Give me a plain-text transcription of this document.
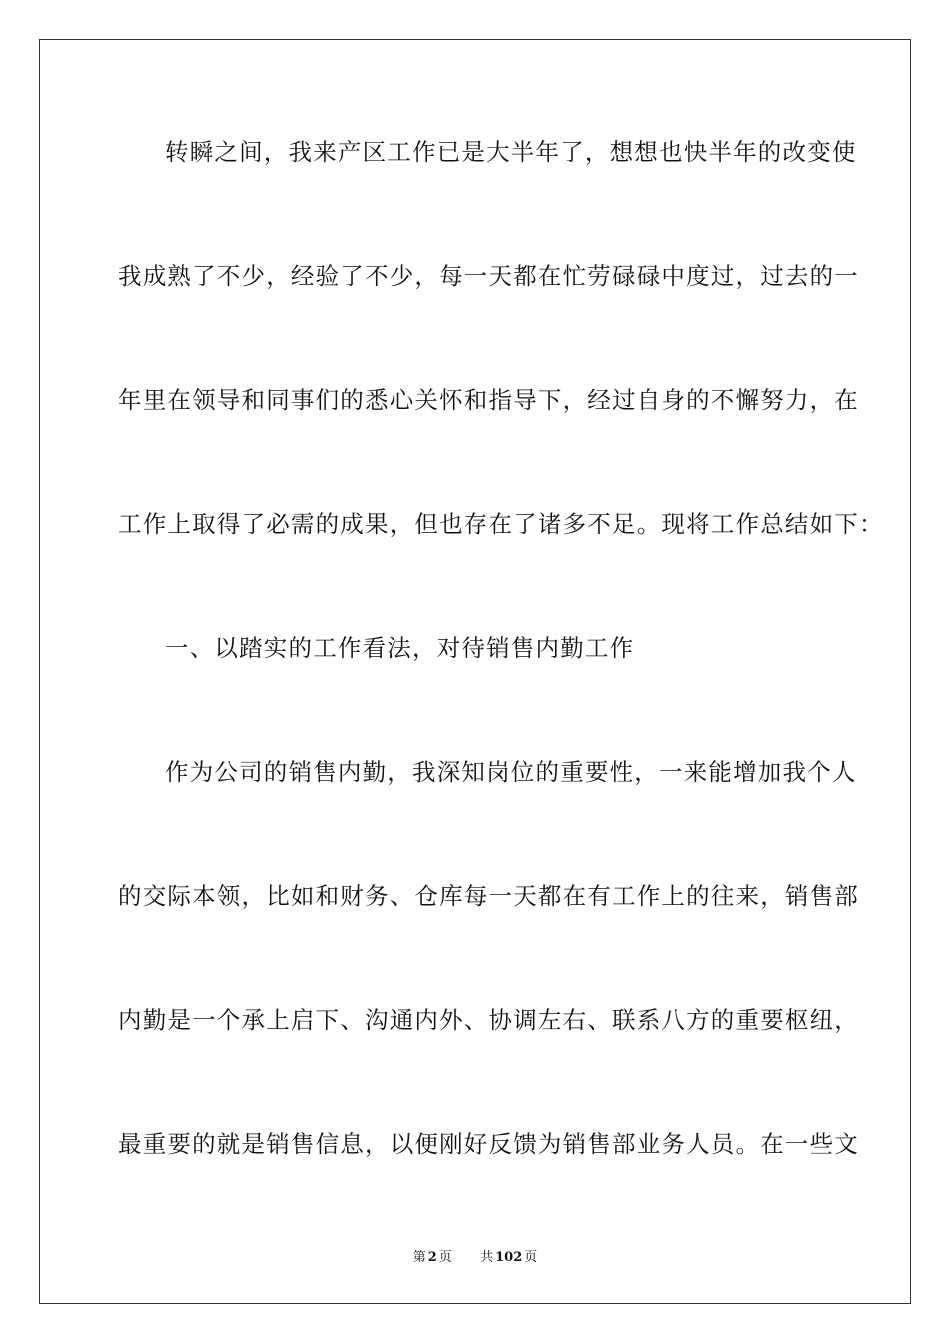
转瞬之间，我来产区工作已是大半年了，想想也快半年的改变使
我成熟了不少，经验了不少，每一天都在忙劳碌碌中度过，过去的一
年里在领导和同事们的悉心关怀和指导下，经过自身的不懈努力，在
工作上取得了必需的成果，但也存在了诸多不足。现将工作总结如下：
一、以踏实的工作看法，对待销售内勤工作
作为公司的销售内勤，我深知岗位的重要性，一来能增加我个人
的交际本领，比如和财务、仓库每一天都在有工作上的往来，销售部
内勤是一个承上启下、沟通内外、协调左右、联系八方的重要枢纽，
最重要的就是销售信息，以便刚好反馈为销售部业务人员。在一些文
第 2 页 共 102 页
